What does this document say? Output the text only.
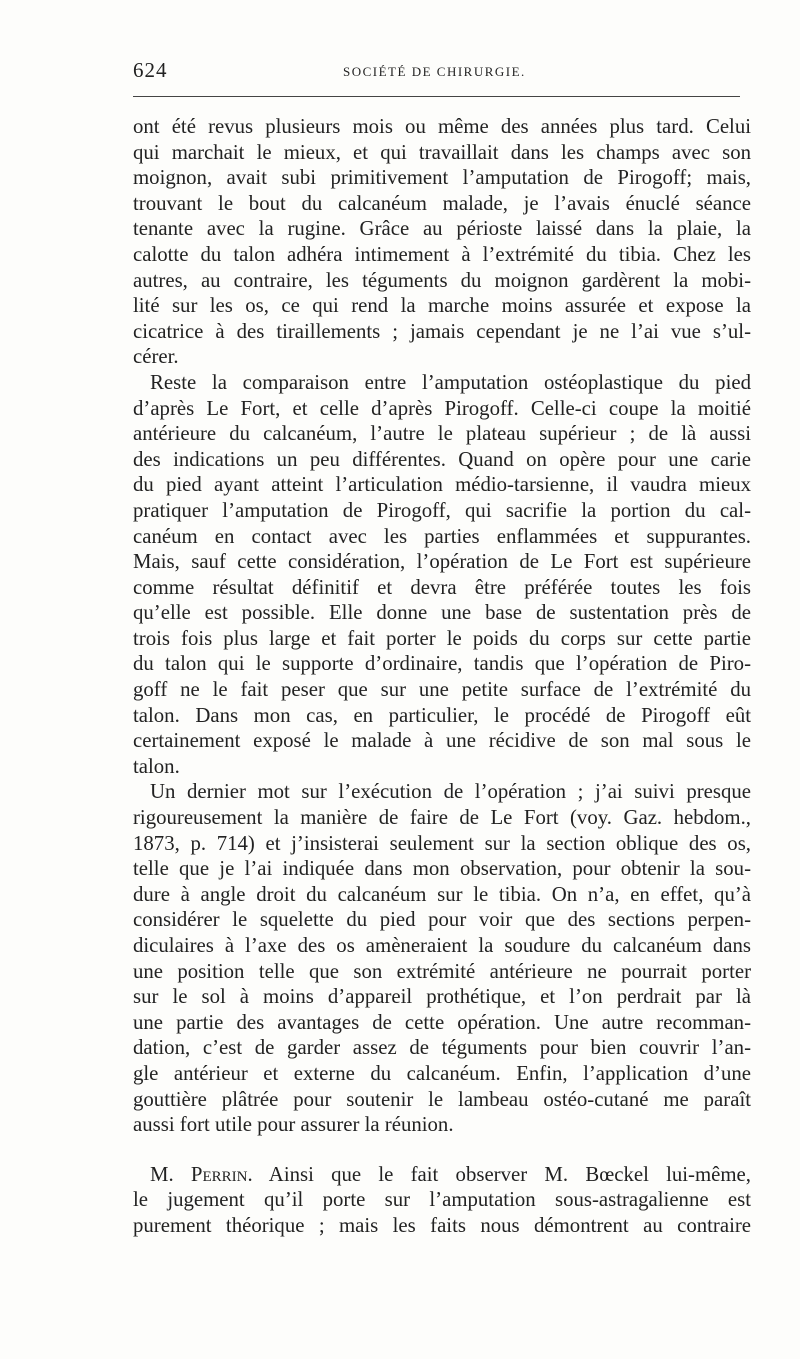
624	SOCIÉTÉ DE CHIRURGIE.
ont été revus plusieurs mois ou même des années plus tard. Celui
qui marchait le mieux, et qui travaillait dans les champs avec son
moignon, avait subi primitivement l’amputation de Pirogoff; mais,
trouvant le bout du calcanéum malade, je l’avais énuclé séance
tenante avec la rugine. Grâce au périoste laissé dans la plaie, la
calotte du talon adhéra intimement à l’extrémité du tibia. Chez les
autres, au contraire, les téguments du moignon gardèrent la mobi-
lité sur les os, ce qui rend la marche moins assurée et expose la
cicatrice à des tiraillements ; jamais cependant je ne l’ai vue s’ul-
cérer.
Reste la comparaison entre l’amputation ostéoplastique du pied
d’après Le Fort, et celle d’après Pirogoff. Celle-ci coupe la moitié
antérieure du calcanéum, l’autre le plateau supérieur ; de là aussi
des indications un peu différentes. Quand on opère pour une carie
du pied ayant atteint l’articulation médio-tarsienne, il vaudra mieux
pratiquer l’amputation de Pirogoff, qui sacrifie la portion du cal-
canéum en contact avec les parties enflammées et suppurantes.
Mais, sauf cette considération, l’opération de Le Fort est supérieure
comme résultat définitif et devra être préférée toutes les fois
qu’elle est possible. Elle donne une base de sustentation près de
trois fois plus large et fait porter le poids du corps sur cette partie
du talon qui le supporte d’ordinaire, tandis que l’opération de Piro-
goff ne le fait peser que sur une petite surface de l’extrémité du
talon. Dans mon cas, en particulier, le procédé de Pirogoff eût
certainement exposé le malade à une récidive de son mal sous le
talon.
Un dernier mot sur l’exécution de l’opération ; j’ai suivi presque
rigoureusement la manière de faire de Le Fort (voy. Gaz. hebdom.,
1873, p. 714) et j’insisterai seulement sur la section oblique des os,
telle que je l’ai indiquée dans mon observation, pour obtenir la sou-
dure à angle droit du calcanéum sur le tibia. On n’a, en effet, qu’à
considérer le squelette du pied pour voir que des sections perpen-
diculaires à l’axe des os amèneraient la soudure du calcanéum dans
une position telle que son extrémité antérieure ne pourrait porter
sur le sol à moins d’appareil prothétique, et l’on perdrait par là
une partie des avantages de cette opération. Une autre recomman-
dation, c’est de garder assez de téguments pour bien couvrir l’an-
gle antérieur et externe du calcanéum. Enfin, l’application d’une
gouttière plâtrée pour soutenir le lambeau ostéo-cutané me paraît
aussi fort utile pour assurer la réunion.
M. Perrin. Ainsi que le fait observer M. Bœckel lui-même,
le jugement qu’il porte sur l’amputation sous-astragalienne est
purement théorique ; mais les faits nous démontrent au contraire
